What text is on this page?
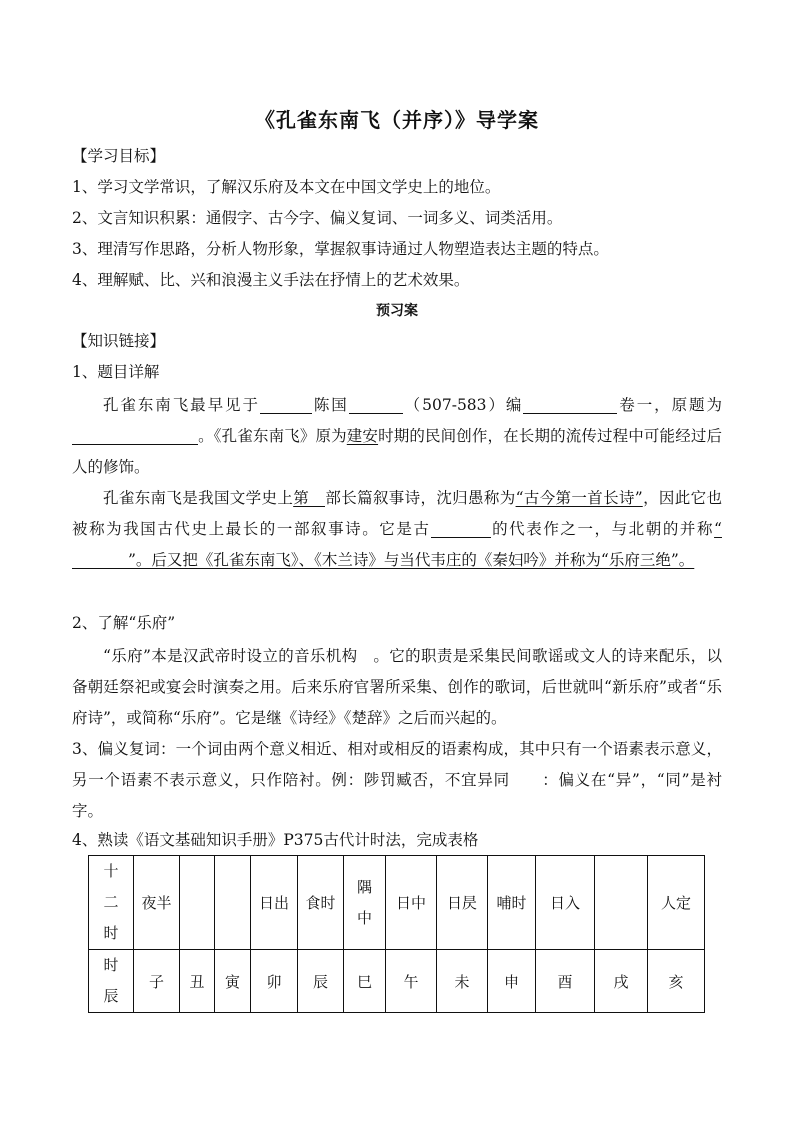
《孔雀东南飞（并序）》导学案
【学习目标】
1、学习文学常识，了解汉乐府及本文在中国文学史上的地位。
2、文言知识积累：通假字、古今字、偏义复词、一词多义、词类活用。
3、理清写作思路，分析人物形象，掌握叙事诗通过人物塑造表达主题的特点。
4、理解赋、比、兴和浪漫主义手法在抒情上的艺术效果。
预习案
【知识链接】
1、题目详解
孔雀东南飞最早见于	陈国	（507-583）编	卷一，原题为。《孔雀东南飞》原为建安时期的民间创作，在长期的流传过程中可能经过后人的修饰。
孔雀东南飞是我国文学史上第 部长篇叙事诗，沈归愚称为“古今第一首长诗”，因此它也被称为我国古代史上最长的一部叙事诗。它是古	的代表作之一，与北朝的并称“”。后又把《孔雀东南飞》、《木兰诗》与当代韦庄的《秦妇吟》并称为“乐府三绝”。
2、了解“乐府”
“乐府”本是汉武帝时设立的音乐机构　。它的职责是采集民间歌谣或文人的诗来配乐，以备朝廷祭祀或宴会时演奏之用。后来乐府官署所采集、创作的歌词，后世就叫“新乐府”或者“乐府诗”，或简称“乐府”。它是继《诗经》《楚辞》之后而兴起的。
3、偏义复词：一个词由两个意义相近、相对或相反的语素构成，其中只有一个语素表示意义，另一个语素不表示意义，只作陪衬。例：陟罚臧否，不宜异同　　：偏义在“异”，“同”是衬字。
4、熟读《语文基础知识手册》P375古代计时法，完成表格
十
二
时	夜半			日出	食时	隅中	日中	日昃	哺时	日入		人定

时
辰	子	丑	寅	卯	辰	巳	午	未	申	酉	戌	亥
